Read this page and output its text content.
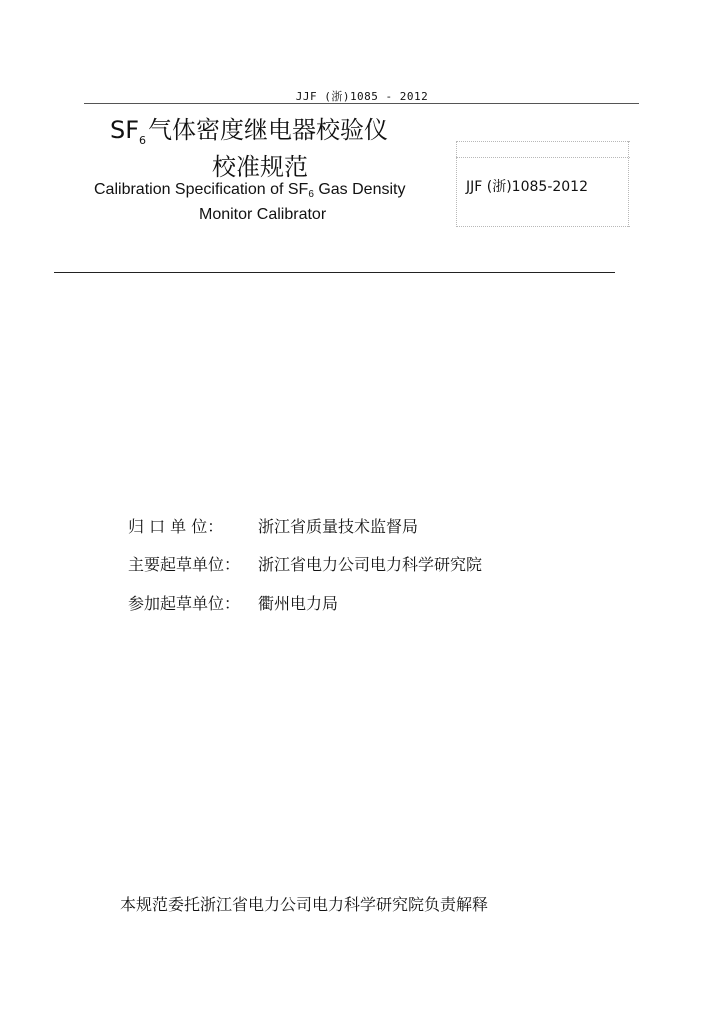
JJF (浙)1085 - 2012
$SF_6$气体密度继电器校验仪
校准规范
Calibration Specification of $SF_6$ Gas Density
Monitor Calibrator
JJF (浙)1085-2012
归 口 单 位： 浙江省质量技术监督局
主要起草单位： 浙江省电力公司电力科学研究院
参加起草单位： 衢州电力局
本规范委托浙江省电力公司电力科学研究院负责解释
